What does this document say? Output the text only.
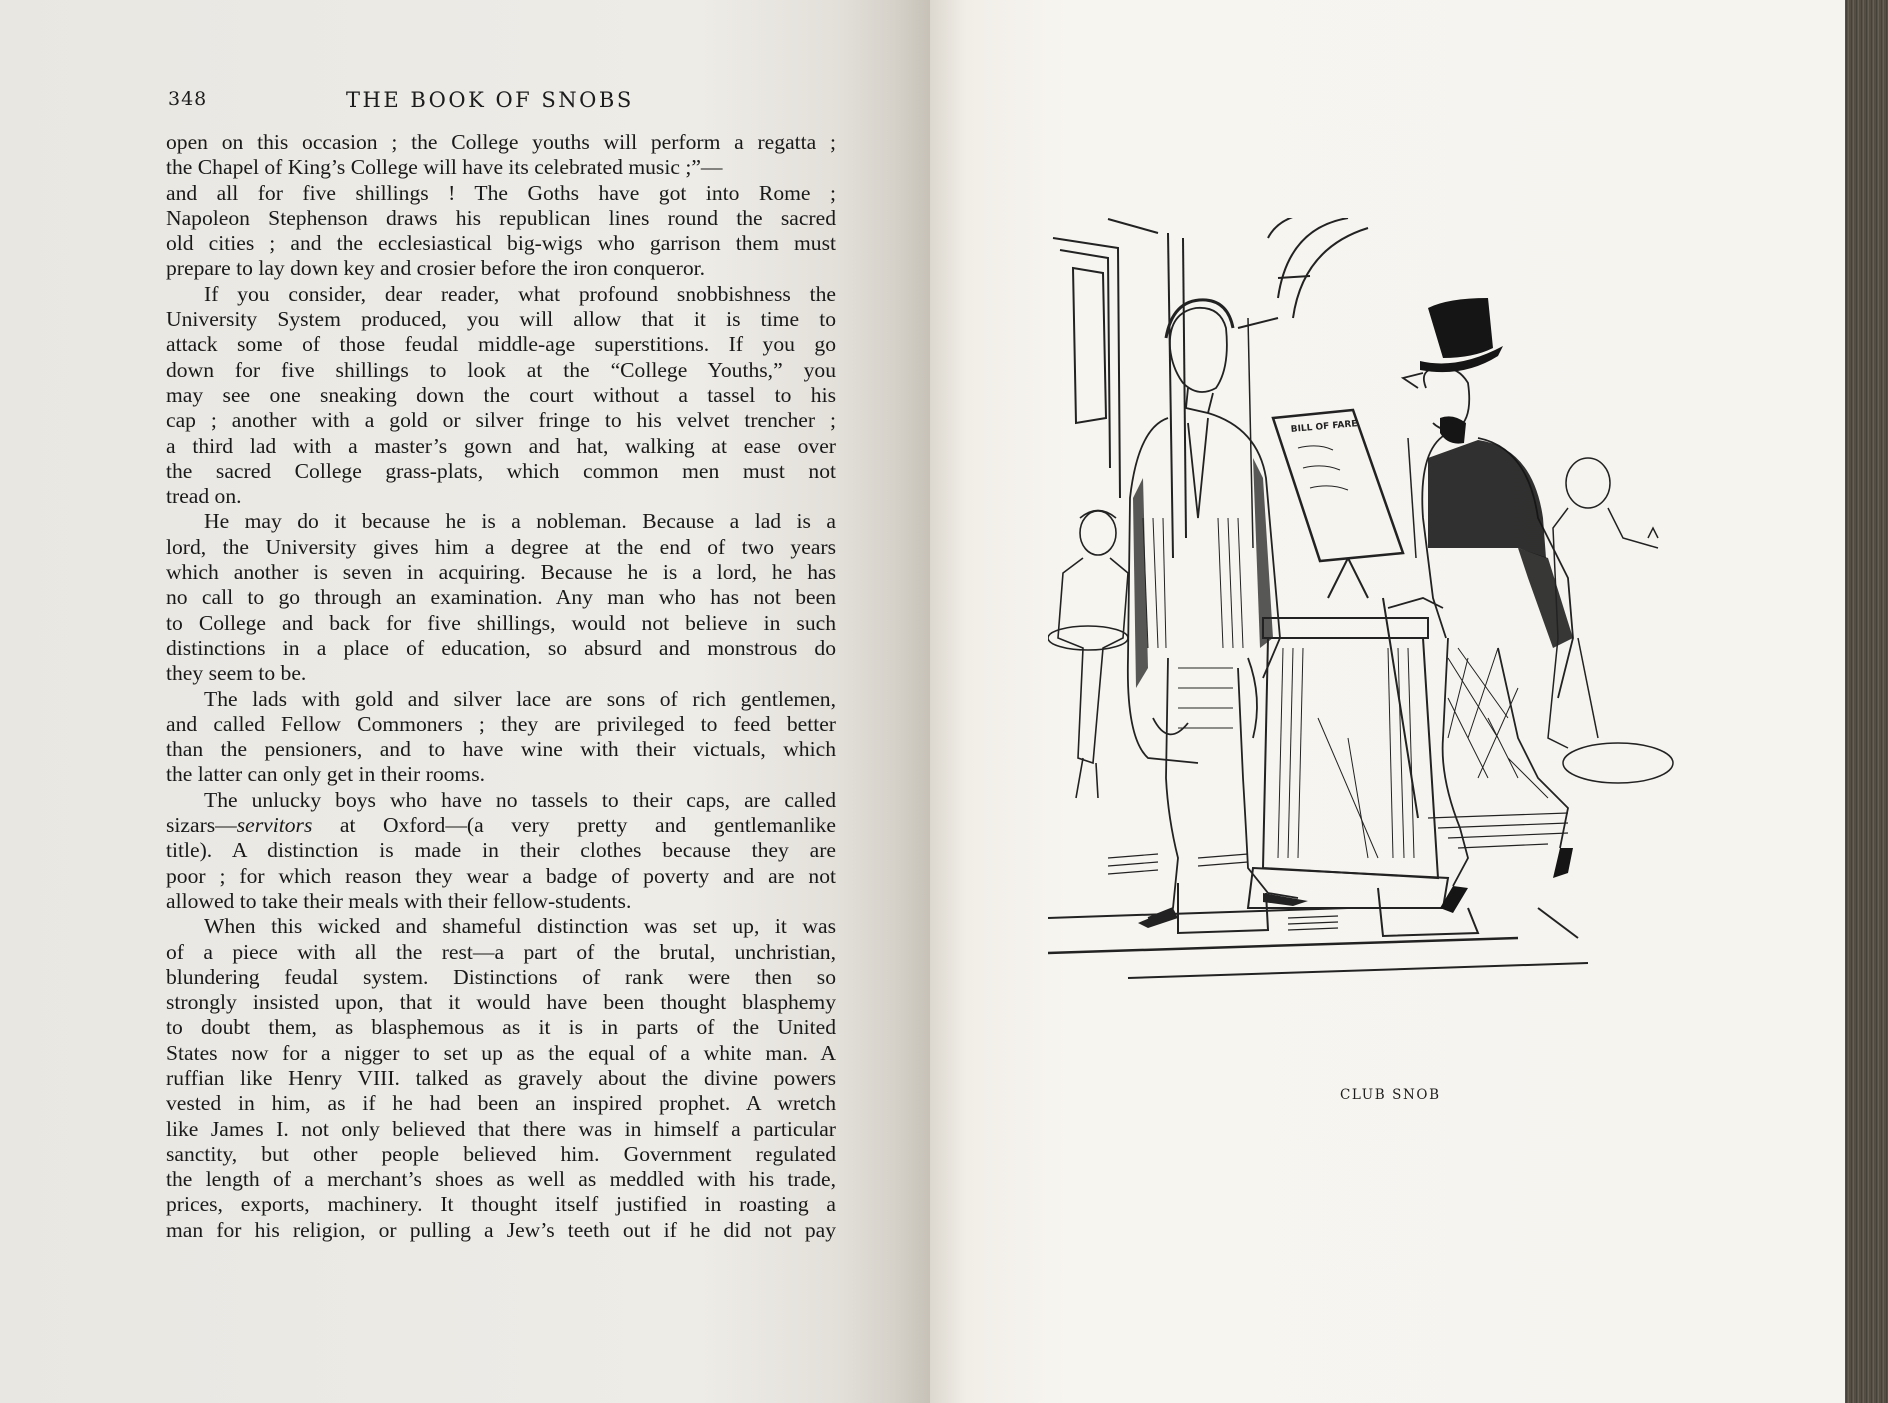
348	THE BOOK OF SNOBS
open on this occasion ; the College youths will perform a regatta ;
the Chapel of King’s College will have its celebrated music ;”—
and all for five shillings ! The Goths have got into Rome ;
Napoleon Stephenson draws his republican lines round the sacred
old cities ; and the ecclesiastical big-wigs who garrison them must
prepare to lay down key and crosier before the iron conqueror.
If you consider, dear reader, what profound snobbishness the
University System produced, you will allow that it is time to
attack some of those feudal middle-age superstitions. If you go
down for five shillings to look at the “College Youths,” you
may see one sneaking down the court without a tassel to his
cap ; another with a gold or silver fringe to his velvet trencher ;
a third lad with a master’s gown and hat, walking at ease over
the sacred College grass-plats, which common men must not
tread on.
He may do it because he is a nobleman. Because a lad is a
lord, the University gives him a degree at the end of two years
which another is seven in acquiring. Because he is a lord, he has
no call to go through an examination. Any man who has not been
to College and back for five shillings, would not believe in such
distinctions in a place of education, so absurd and monstrous do
they seem to be.
The lads with gold and silver lace are sons of rich gentlemen,
and called Fellow Commoners ; they are privileged to feed better
than the pensioners, and to have wine with their victuals, which
the latter can only get in their rooms.
The unlucky boys who have no tassels to their caps, are called
sizars—servitors at Oxford—(a very pretty and gentlemanlike
title). A distinction is made in their clothes because they are
poor ; for which reason they wear a badge of poverty and are not
allowed to take their meals with their fellow-students.
When this wicked and shameful distinction was set up, it was
of a piece with all the rest—a part of the brutal, unchristian,
blundering feudal system. Distinctions of rank were then so
strongly insisted upon, that it would have been thought blasphemy
to doubt them, as blasphemous as it is in parts of the United
States now for a nigger to set up as the equal of a white man. A
ruffian like Henry VIII. talked as gravely about the divine powers
vested in him, as if he had been an inspired prophet. A wretch
like James I. not only believed that there was in himself a particular
sanctity, but other people believed him. Government regulated
the length of a merchant’s shoes as well as meddled with his trade,
prices, exports, machinery. It thought itself justified in roasting a
man for his religion, or pulling a Jew’s teeth out if he did not pay
BILL OF FARE
CLUB SNOB
